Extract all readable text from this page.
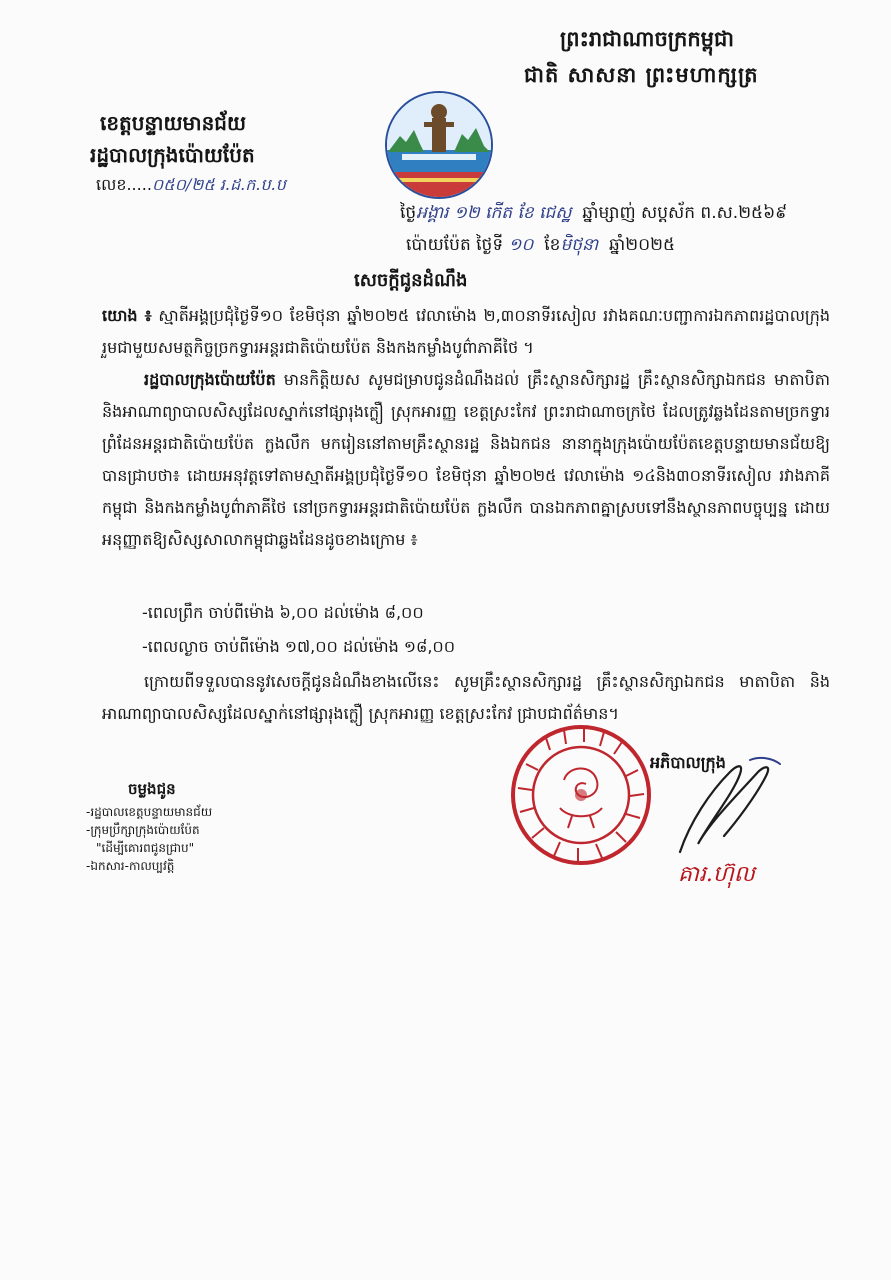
ព្រះរាជាណាចក្រកម្ពុជា
ជាតិ សាសនា ព្រះមហាក្សត្រ
ខេត្តបន្ទាយមានជ័យ
រដ្ឋបាលក្រុងប៉ោយប៉ែត
លេខ.....០៥០/២៥ រ.ដ.ក.ប.ប
ថ្ងៃអង្គារ ១២ កើត ខែ ជេស្ឋ ឆ្នាំម្សាញ់ សប្តស័ក ព.ស.២៥៦៩
ប៉ោយប៉ែត ថ្ងៃទី ១០ ខែមិថុនា ឆ្នាំ២០២៥
សេចក្តីជូនដំណឹង
យោង ៖ ស្មាតីអង្គប្រជុំថ្ងៃទី១០ ខែមិថុនា ឆ្នាំ២០២៥ វេលាម៉ោង ២,៣០នាទីរសៀល រវាងគណៈបញ្ជាការឯកភាពរដ្ឋបាលក្រុងរួមជាមួយសមត្ថកិច្ចច្រកទ្វារអន្តរជាតិប៉ោយប៉ែត និងកងកម្លាំងបូព៌ាភាគីថៃ ។
រដ្ឋបាលក្រុងប៉ោយប៉ែត មានកិត្តិយស សូមជម្រាបជូនដំណឹងដល់ គ្រឹះស្ថានសិក្សារដ្ឋ គ្រឹះស្ថានសិក្សាឯកជន មាតាបិតា និងអាណាព្យាបាលសិស្សដែលស្នាក់នៅផ្សារុងក្លឿ ស្រុកអារញ្ញ ខេត្តស្រះកែវ ព្រះរាជាណាចក្រថៃ ដែលត្រូវឆ្លងដែនតាមច្រកទ្វារព្រំដែនអន្តរជាតិប៉ោយប៉ែត ក្លងលឹក មករៀននៅតាមគ្រឹះស្ថានរដ្ឋ និងឯកជន នានាក្នុងក្រុងប៉ោយប៉ែតខេត្តបន្ទាយមានជ័យឱ្យបានជ្រាបថា៖ ដោយអនុវត្តទៅតាមស្មាតីអង្គប្រជុំថ្ងៃទី១០ ខែមិថុនា ឆ្នាំ២០២៥ វេលាម៉ោង ១៤និង៣០នាទីរសៀល រវាងភាគីកម្ពុជា និងកងកម្លាំងបូព៌ាភាគីថៃ នៅច្រកទ្វារអន្តរជាតិប៉ោយប៉ែត ក្លងលឹក បានឯកភាពគ្នាស្របទៅនឹងស្ថានភាពបច្ចុប្បន្ន ដោយអនុញ្ញាតឱ្យសិស្សសាលាកម្ពុជាឆ្លងដែនដូចខាងក្រោម ៖
-ពេលព្រឹក ចាប់ពីម៉ោង ៦,០០ ដល់ម៉ោង ៨,០០
-ពេលល្ងាច ចាប់ពីម៉ោង ១៧,០០ ដល់ម៉ោង ១៨,០០
ក្រោយពីទទួលបាននូវសេចក្តីជូនដំណឹងខាងលើនេះ សូមគ្រឹះស្ថានសិក្សារដ្ឋ គ្រឹះស្ថានសិក្សាឯកជន មាតាបិតា និងអាណាព្យាបាលសិស្សដែលស្នាក់នៅផ្សារុងក្លឿ ស្រុកអារញ្ញ ខេត្តស្រះកែវ ជ្រាបជាព័ត៌មាន។
អភិបាលក្រុង
គារ.ហ៊ុល
ចម្លងជូន
-រដ្ឋបាលខេត្តបន្ទាយមានជ័យ
-ក្រុមប្រឹក្សាក្រុងប៉ោយប៉ែត
"ដើម្បីគោរពជូនជ្រាប"
-ឯកសារ-កាលប្បវត្តិ
